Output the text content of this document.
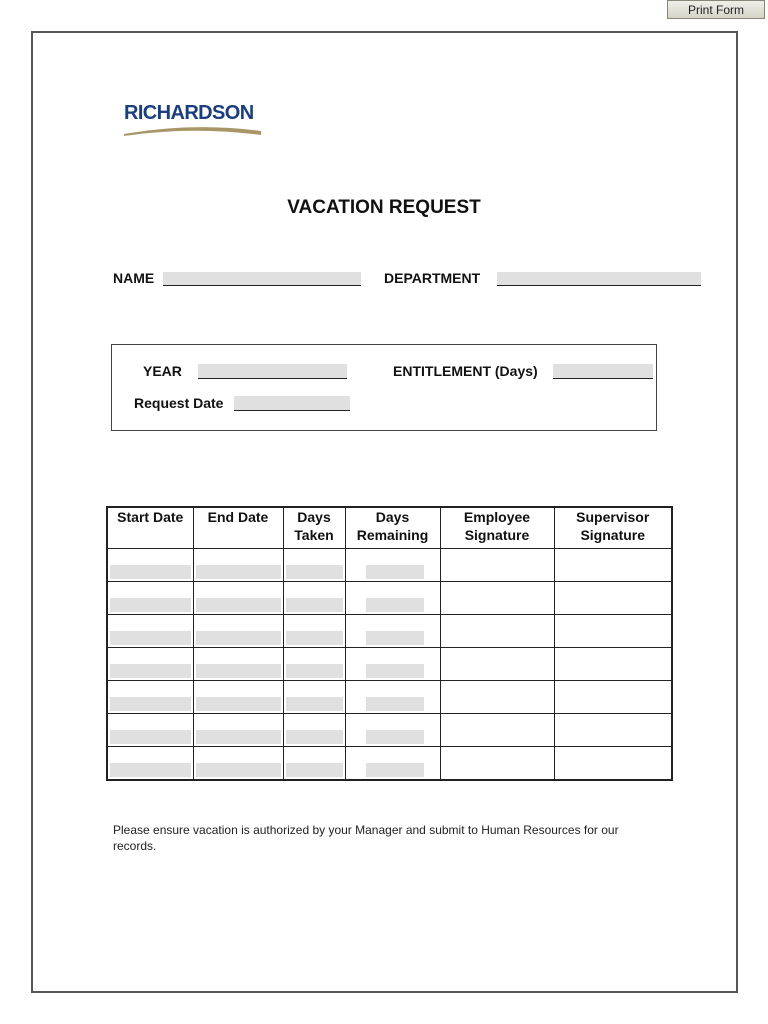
Print Form
RICHARDSON
VACATION REQUEST
NAME	DEPARTMENT
YEAR	ENTITLEMENT (Days)
Request Date
Start Date	End Date	Days Taken	Days Remaining	Employee Signature	Supervisor Signature

Please ensure vacation is authorized by your Manager and submit to Human Resources for our records.
